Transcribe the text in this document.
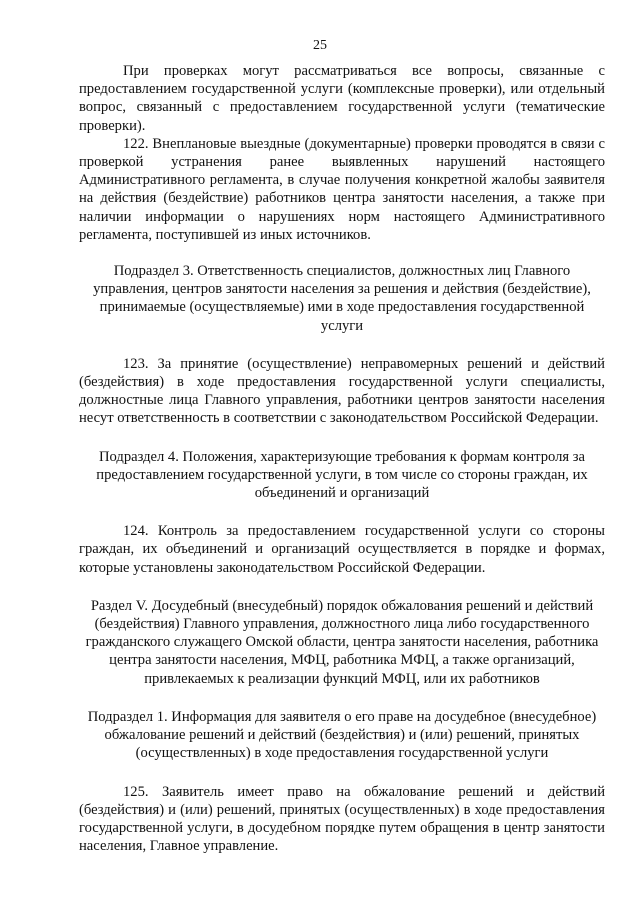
25

При проверках могут рассматриваться все вопросы, связанные с предоставлением государственной услуги (комплексные проверки), или отдельный вопрос, связанный с предоставлением государственной услуги (тематические проверки).

122. Внеплановые выездные (документарные) проверки проводятся в связи с проверкой устранения ранее выявленных нарушений настоящего Административного регламента, в случае получения конкретной жалобы заявителя на действия (бездействие) работников центра занятости населения, а также при наличии информации о нарушениях норм настоящего Административного регламента, поступившей из иных источников.

Подраздел 3. Ответственность специалистов, должностных лиц Главного управления, центров занятости населения за решения и действия (бездействие), принимаемые (осуществляемые) ими в ходе предоставления государственной услуги

123. За принятие (осуществление) неправомерных решений и действий (бездействия) в ходе предоставления государственной услуги специалисты, должностные лица Главного управления, работники центров занятости населения несут ответственность в соответствии с законодательством Российской Федерации.

Подраздел 4. Положения, характеризующие требования к формам контроля за предоставлением государственной услуги, в том числе со стороны граждан, их объединений и организаций

124. Контроль за предоставлением государственной услуги со стороны граждан, их объединений и организаций осуществляется в порядке и формах, которые установлены законодательством Российской Федерации.

Раздел V. Досудебный (внесудебный) порядок обжалования решений и действий (бездействия) Главного управления, должностного лица либо государственного гражданского служащего Омской области, центра занятости населения, работника центра занятости населения, МФЦ, работника МФЦ, а также организаций, привлекаемых к реализации функций МФЦ, или их работников

Подраздел 1. Информация для заявителя о его праве на досудебное (внесудебное) обжалование решений и действий (бездействия) и (или) решений, принятых (осуществленных) в ходе предоставления государственной услуги

125. Заявитель имеет право на обжалование решений и действий (бездействия) и (или) решений, принятых (осуществленных) в ходе предоставления государственной услуги, в досудебном порядке путем обращения в центр занятости населения, Главное управление.
